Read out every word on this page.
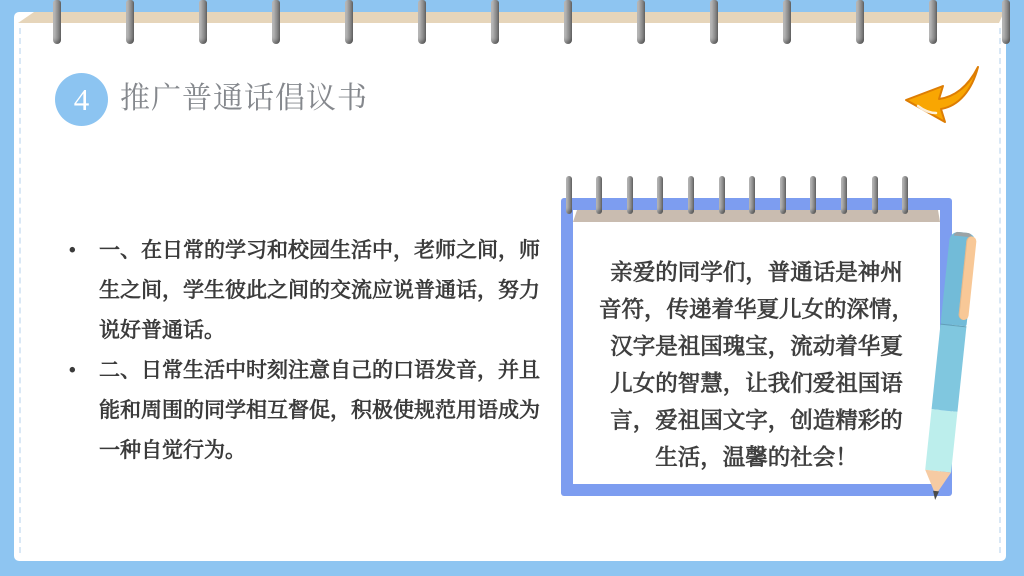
4	推广普通话倡议书
• 一、在日常的学习和校园生活中，老师之间，师生之间，学生彼此之间的交流应说普通话，努力说好普通话。
• 二、日常生活中时刻注意自己的口语发音，并且能和周围的同学相互督促，积极使规范用语成为一种自觉行为。
亲爱的同学们，普通话是神州
音符，传递着华夏儿女的深情，
汉字是祖国瑰宝，流动着华夏
儿女的智慧，让我们爱祖国语
言，爱祖国文字，创造精彩的
生活，温馨的社会！
